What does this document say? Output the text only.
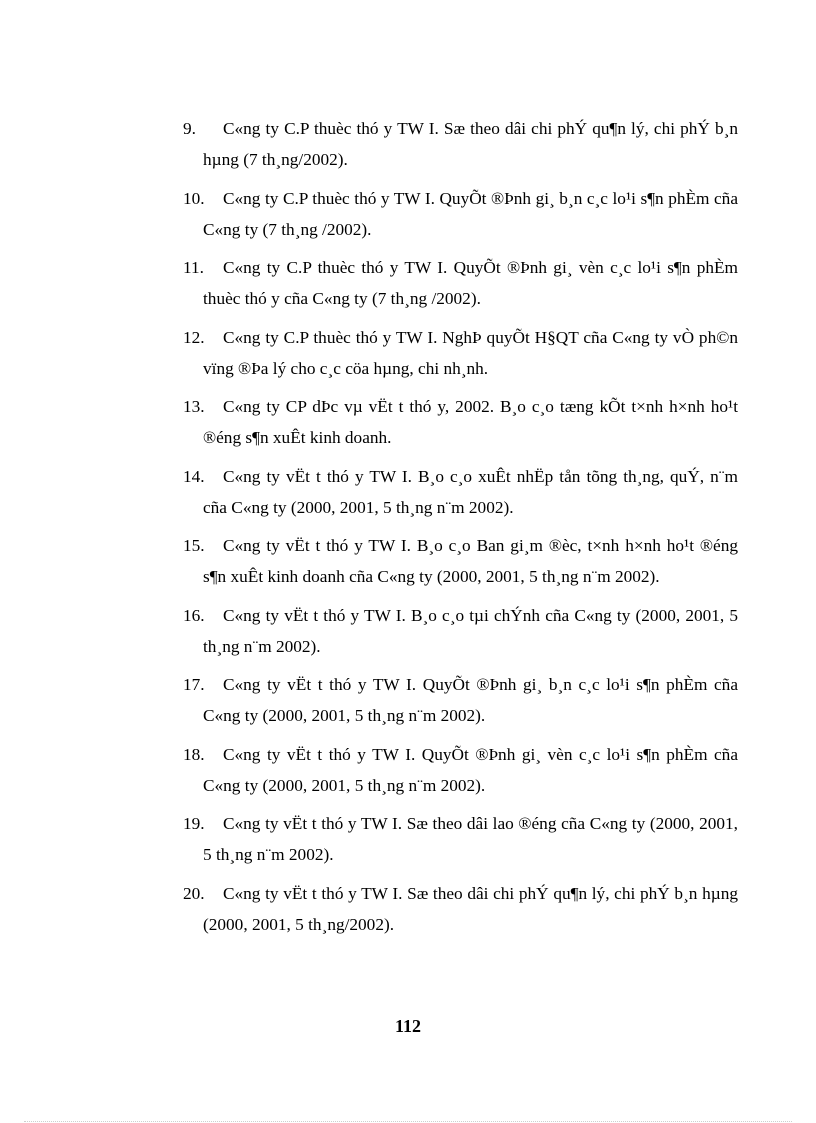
9. C«ng ty C.P thuèc thó y TW I. Sæ theo dâi chi phÝ qu¶n lý, chi phÝ b¸n hµng (7 th¸ng/2002).
10. C«ng ty C.P thuèc thó y TW I. QuyÕt ®Þnh gi¸ b¸n c¸c lo¹i s¶n phÈm cña C«ng ty (7 th¸ng /2002).
11. C«ng ty C.P thuèc thó y TW I. QuyÕt ®Þnh gi¸ vèn c¸c lo¹i s¶n phÈm thuèc thó y cña C«ng ty (7 th¸ng /2002).
12. C«ng ty C.P thuèc thó y TW I. NghÞ quyÕt H§QT cña C«ng ty vÒ ph©n vïng ®Þa lý cho c¸c cöa hµng, chi nh¸nh.
13. C«ng ty CP dÞc vµ vËt t thó y, 2002. B¸o c¸o tæng kÕt t×nh h×nh ho¹t ®éng s¶n xuÊt kinh doanh.
14. C«ng ty vËt t thó y TW I. B¸o c¸o xuÊt nhËp tån tõng th¸ng, quÝ, n¨m cña C«ng ty (2000, 2001, 5 th¸ng n¨m 2002).
15. C«ng ty vËt t thó y TW I. B¸o c¸o Ban gi¸m ®èc, t×nh h×nh ho¹t ®éng s¶n xuÊt kinh doanh cña C«ng ty (2000, 2001, 5 th¸ng n¨m 2002).
16. C«ng ty vËt t thó y TW I. B¸o c¸o tµi chÝnh cña C«ng ty (2000, 2001, 5 th¸ng n¨m 2002).
17. C«ng ty vËt t thó y TW I. QuyÕt ®Þnh gi¸ b¸n c¸c lo¹i s¶n phÈm cña C«ng ty (2000, 2001, 5 th¸ng n¨m 2002).
18. C«ng ty vËt t thó y TW I. QuyÕt ®Þnh gi¸ vèn c¸c lo¹i s¶n phÈm cña C«ng ty (2000, 2001, 5 th¸ng n¨m 2002).
19. C«ng ty vËt t thó y TW I. Sæ theo dâi lao ®éng cña C«ng ty (2000, 2001, 5 th¸ng n¨m 2002).
20. C«ng ty vËt t thó y TW I. Sæ theo dâi chi phÝ qu¶n lý, chi phÝ b¸n hµng (2000, 2001, 5 th¸ng/2002).
112
